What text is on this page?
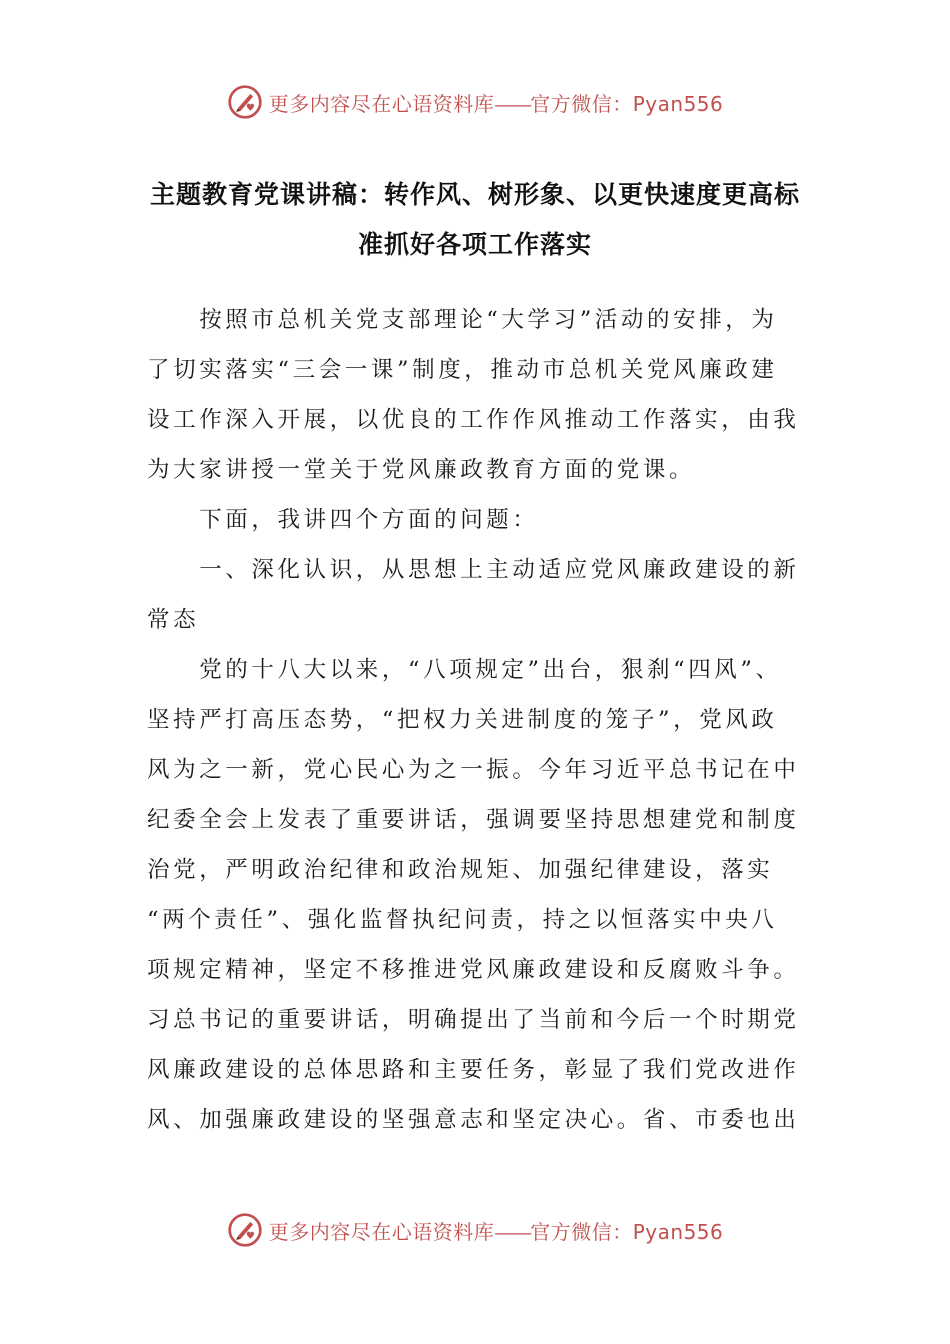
更多内容尽在心语资料库——官方微信：Pyan556
主题教育党课讲稿：转作风、树形象、以更快速度更高标
准抓好各项工作落实
　　按照市总机关党支部理论“大学习”活动的安排，为
了切实落实“三会一课”制度，推动市总机关党风廉政建
设工作深入开展，以优良的工作作风推动工作落实，由我
为大家讲授一堂关于党风廉政教育方面的党课。
　　下面，我讲四个方面的问题：
　　一、深化认识，从思想上主动适应党风廉政建设的新
常态
　　党的十八大以来，“八项规定”出台，狠刹“四风”、
坚持严打高压态势，“把权力关进制度的笼子”，党风政
风为之一新，党心民心为之一振。今年习近平总书记在中
纪委全会上发表了重要讲话，强调要坚持思想建党和制度
治党，严明政治纪律和政治规矩、加强纪律建设，落实
“两个责任”、强化监督执纪问责，持之以恒落实中央八
项规定精神，坚定不移推进党风廉政建设和反腐败斗争。
习总书记的重要讲话，明确提出了当前和今后一个时期党
风廉政建设的总体思路和主要任务，彰显了我们党改进作
风、加强廉政建设的坚强意志和坚定决心。省、市委也出
更多内容尽在心语资料库——官方微信：Pyan556
